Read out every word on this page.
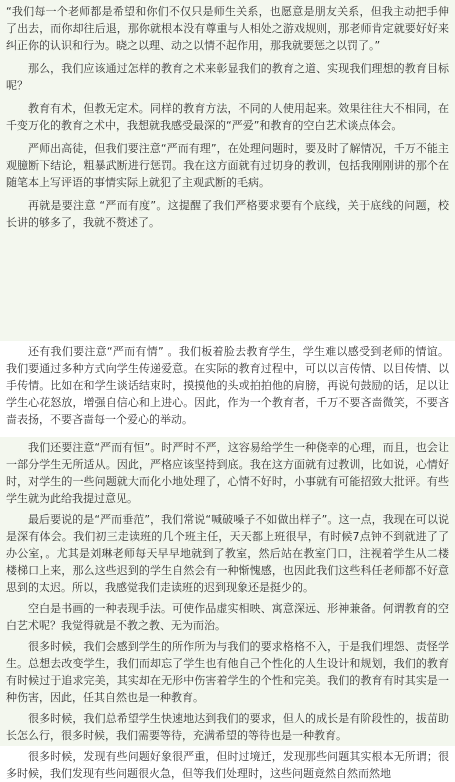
“我们每一个老师都是希望和你们不仅只是师生关系，也愿意是朋友关系，但我主动把手伸了出去，而你却往后退，那你就根本没有尊重与人相处之游戏规则，那老师肯定就要好好来纠正你的认识和行为。晓之以理、动之以情不起作用，那我就要惩之以罚了。”

那么，我们应该通过怎样的教育之术来彰显我们的教育之道、实现我们理想的教育目标呢？

教育有术，但教无定术。同样的教育方法，不同的人使用起来。效果往往大不相同，在千变万化的教育之术中，我想就我感受最深的“严爱”和教育的空白艺术谈点体会。

严师出高徒，但我们要注意“严而有理”，在处理问题时，要及时了解情况，千万不能主观臆断下结论，粗暴武断进行惩罚。我在这方面就有过切身的教训，包括我刚刚讲的那个在随笔本上写评语的事情实际上就犯了主观武断的毛病。

再就是要注意 “严而有度”。这提醒了我们严格要求要有个底线，关于底线的问题，校长讲的够多了，我就不赘述了。

还有我们要注意“严而有情” 。我们板着脸去教育学生，学生难以感受到老师的情谊。我们要通过多种方式向学生传递爱意。在实际的教育过程中，可以以言传情、以目传情、以手传情。比如在和学生谈话结束时，摸摸他的头或拍拍他的肩膀，再说句鼓励的话，足以让学生心花怒放，增强自信心和上进心。因此，作为一个教育者，千万不要吝啬微笑，不要吝啬表扬，不要吝啬每一个爱心的举动。

我们还要注意“严而有恒”。时严时不严，这容易给学生一种侥幸的心理，而且，也会让一部分学生无所适从。因此，严格应该坚持到底。我在这方面就有过教训，比如说，心情好时，对学生的一些问题就大而化小地处理了，心情不好时，小事就有可能招致大批评。有些学生就为此给我提过意见。

最后要说的是“严而垂范”，我们常说“喊破嗓子不如做出样子”。这一点，我现在可以说是深有体会。我们初三走读班的几个班主任，天天都上班很早，有时候7点钟不到就进了了办公室，。尤其是刘琳老师每天早早地就到了教室，然后站在教室门口，注视着学生从二楼楼梯口上来，那么这些迟到的学生自然会有一种惭愧感，也因此我们这些科任老师都不好意思到的太迟。所以，我感觉我们走读班的迟到现象还是挺少的。

空白是书画的一种表现手法。可使作品虚实相映、寓意深远、形神兼备。何谓教育的空白艺术呢？我觉得就是不教之教、无为而治。

很多时候，我们会感到学生的所作所为与我们的要求格格不入，于是我们埋怨、责怪学生。总想去改变学生，我们而却忘了学生也有他自己个性化的人生设计和规划，我们的教育有时候过于追求完美，其实却在无形中伤害着学生的个性和完美。我们的教育有时其实是一种伤害，因此，任其自然也是一种教育。

很多时候，我们总希望学生快速地达到我们的要求，但人的成长是有阶段性的，拔苗助长怎么行，很多时候，我们需要等待，充满希望的等待也是一种教育。

很多时候，发现有些问题好象很严重，但时过境迁，发现那些问题其实根本无所谓；很多时候，我们发现有些问题很火急，但等我们处理时，这些问题竟然自然而然地
